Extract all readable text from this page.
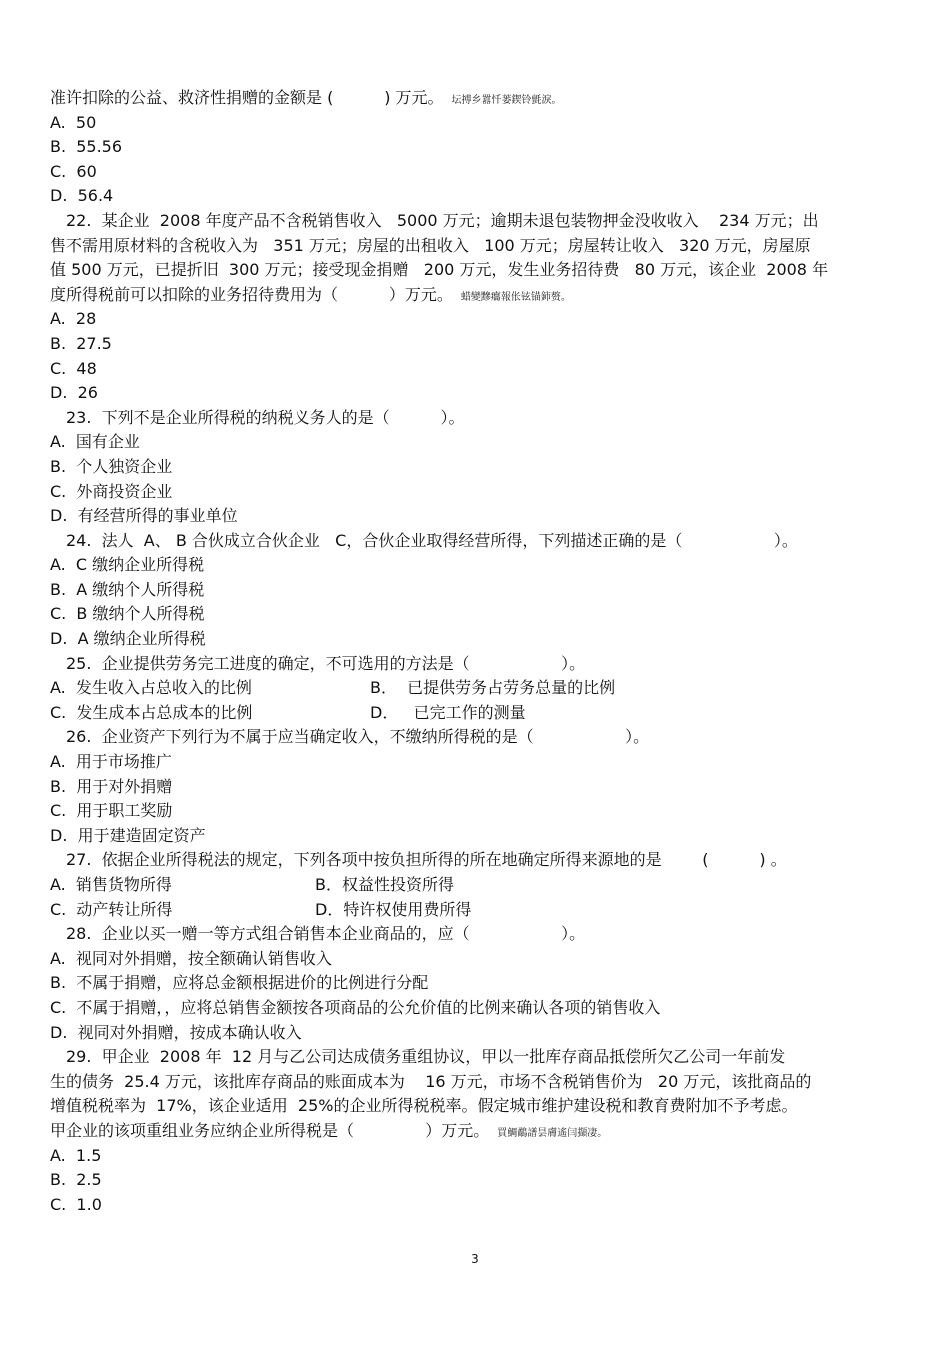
准许扣除的公益、救济性捐赠的金额是 (          ) 万元。 坛搏乡囂忏蒌鍥铃氈淚。
A.  50
B.  55.56
C.  60
D.  56.4
22.  某企业  2008 年度产品不含税销售收入   5000 万元；逾期未退包装物押金没收收入    234 万元；出
售不需用原材料的含税收入为   351 万元；房屋的出租收入   100 万元；房屋转让收入   320 万元，房屋原
值 500 万元，已提折旧  300 万元；接受现金捐赠   200 万元，发生业务招待费   80 万元，该企业  2008 年
度所得税前可以扣除的业务招待费用为（          ）万元。 蜡變黲癟報伥铉锚鈰赘。
A.  28
B.  27.5
C.  48
D.  26
23.  下列不是企业所得税的纳税义务人的是（          ）。
A.  国有企业
B.  个人独资企业
C.  外商投资企业
D.  有经营所得的事业单位
24.  法人  A、 B 合伙成立合伙企业   C，合伙企业取得经营所得，下列描述正确的是（                  ）。
A.  C 缴纳企业所得税
B.  A 缴纳个人所得税
C.  B 缴纳个人所得税
D.  A 缴纳企业所得税
25.  企业提供劳务完工进度的确定，不可选用的方法是（                  ）。
A.  发生收入占总收入的比例	B．  已提供劳务占劳务总量的比例
C.  发生成本占总成本的比例	D．   已完工作的测量
26.  企业资产下列行为不属于应当确定收入，不缴纳所得税的是（                  ）。
A.  用于市场推广
B.  用于对外捐赠
C.  用于职工奖励
D.  用于建造固定资产
27.  依据企业所得税法的规定，下列各项中按负担所得的所在地确定所得来源地的是        (          ) 。
A.  销售货物所得	B．权益性投资所得
C.  动产转让所得	D．特许权使用费所得
28.  企业以买一赠一等方式组合销售本企业商品的，应（                  ）。
A.  视同对外捐赠，按全额确认销售收入
B.  不属于捐赠，应将总金额根据进价的比例进行分配
C.  不属于捐赠，，应将总销售金额按各项商品的公允价值的比例来确认各项的销售收入
D.  视同对外捐赠，按成本确认收入
29.  甲企业  2008 年  12 月与乙公司达成债务重组协议，甲以一批库存商品抵偿所欠乙公司一年前发
生的债务  25.4 万元，该批库存商品的账面成本为    16 万元，市场不含税销售价为   20 万元，该批商品的
增值税税率为  17%，该企业适用  25%的企业所得税税率。假定城市维护建设税和教育费附加不予考虑。
甲企业的该项重组业务应纳企业所得税是（              ）万元。 買鯛鷸譜昙膚遙闫擷凄。
A.  1.5
B.  2.5
C.  1.0
3
